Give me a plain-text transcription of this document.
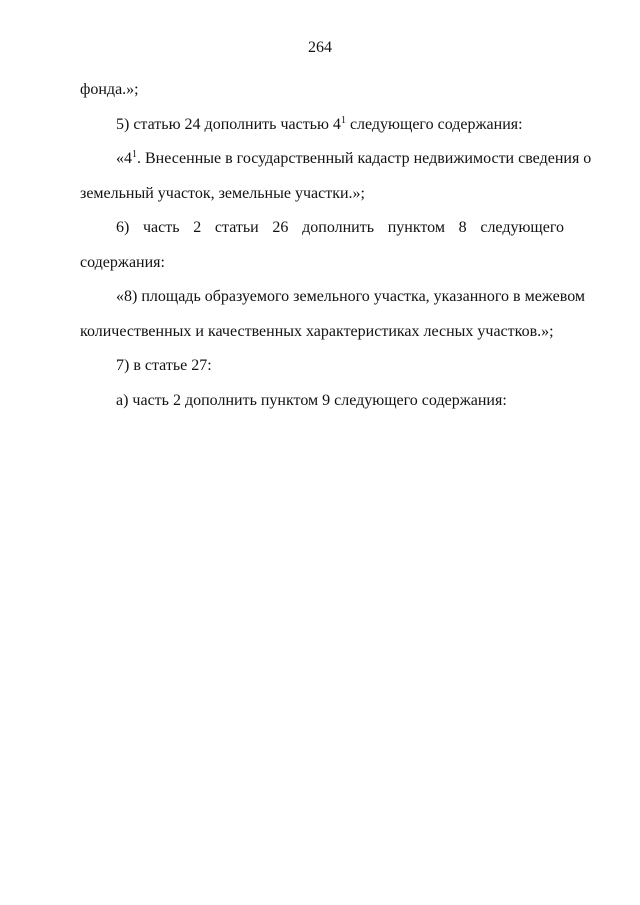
264
фонда.»;
5) статью 24 дополнить частью $4^1$ следующего содержания:
«$4^1$. Внесенные в государственный кадастр недвижимости сведения о
земельный участок, земельные участки.»;
6) часть 2 статьи 26 дополнить пунктом 8 следующего содержания:
«8) площадь образуемого земельного участка, указанного в межевом
количественных и качественных характеристиках лесных участков.»;
7) в статье 27:
а) часть 2 дополнить пунктом 9 следующего содержания:
